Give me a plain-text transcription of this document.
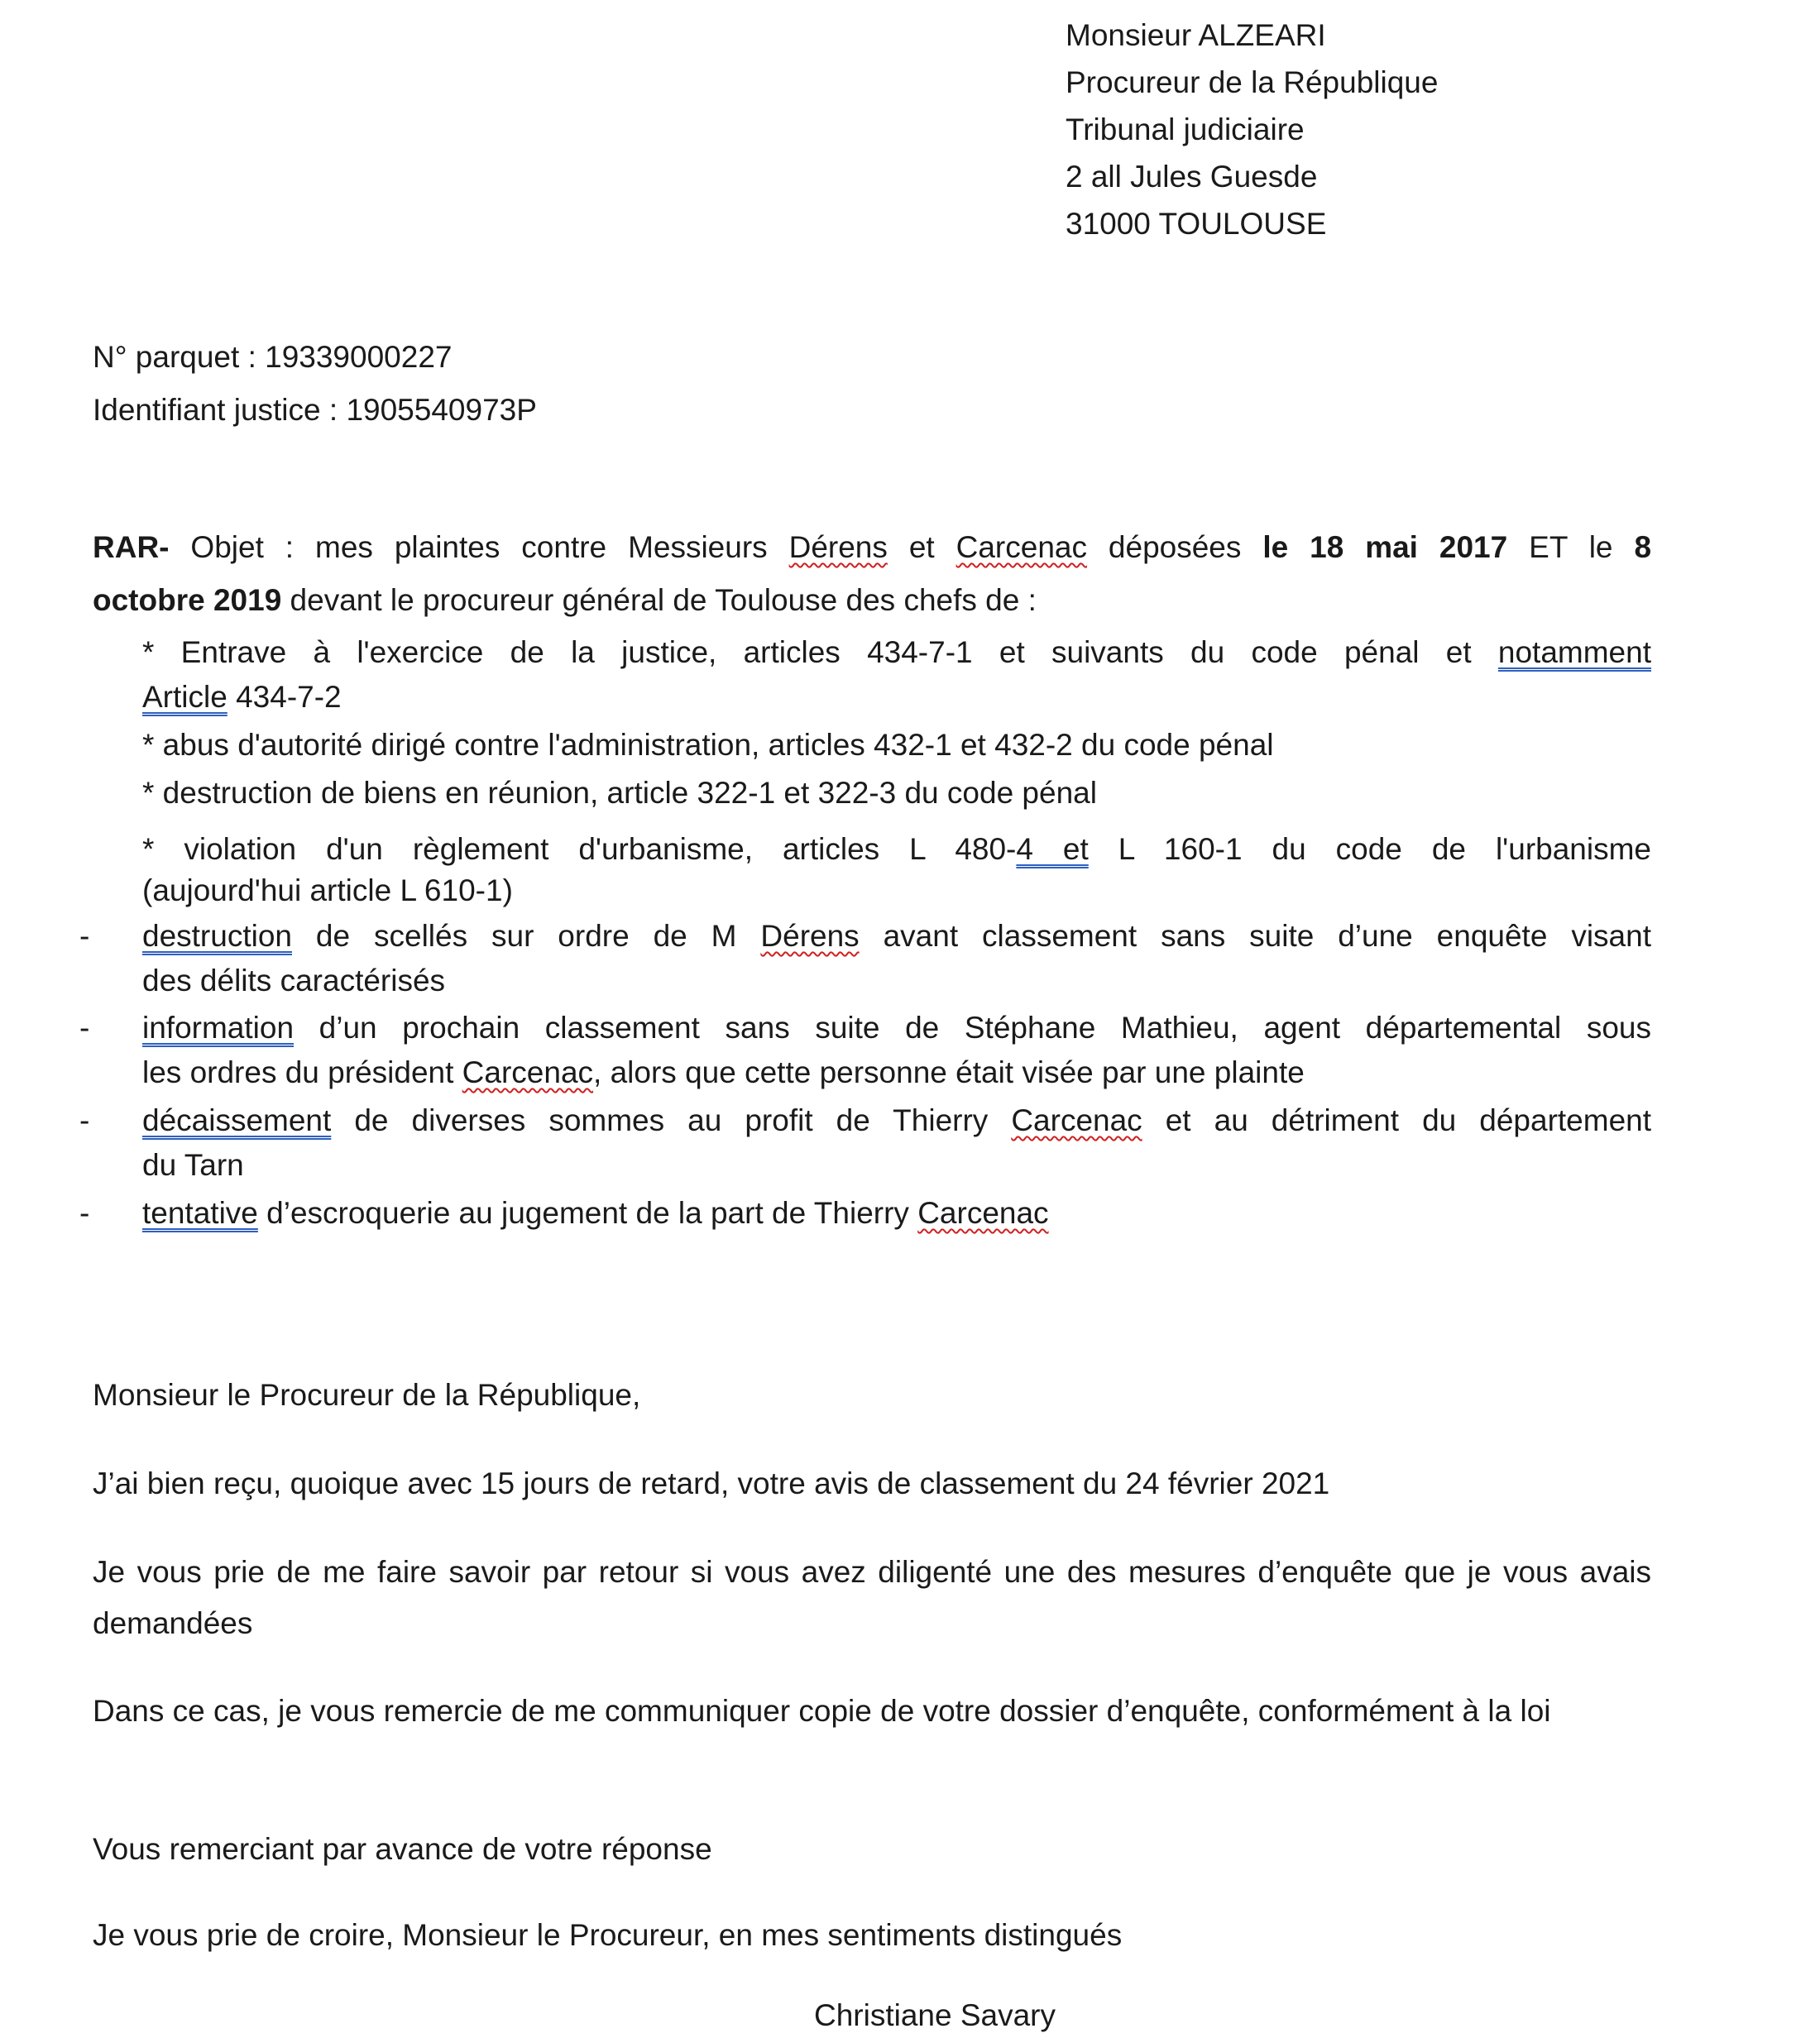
Monsieur ALZEARI
Procureur de la République
Tribunal judiciaire
2 all Jules Guesde
31000 TOULOUSE
N° parquet : 19339000227
Identifiant justice : 1905540973P
RAR- Objet : mes plaintes contre Messieurs Dérens et Carcenac déposées le 18 mai 2017 ET le 8
octobre 2019 devant le procureur général de Toulouse des chefs de :
* Entrave à l'exercice de la justice, articles 434-7-1 et suivants du code pénal et notamment
Article 434-7-2
* abus d'autorité dirigé contre l'administration, articles 432-1 et 432-2 du code pénal
* destruction de biens en réunion, article 322-1 et 322-3 du code pénal
* violation d'un règlement d'urbanisme, articles L 480-4 et L 160-1 du code de l'urbanisme
(aujourd'hui article L 610-1)
- destruction de scellés sur ordre de M Dérens avant classement sans suite d’une enquête visant
des délits caractérisés
- information d’un prochain classement sans suite de Stéphane Mathieu, agent départemental sous
les ordres du président Carcenac, alors que cette personne était visée par une plainte
- décaissement de diverses sommes au profit de Thierry Carcenac et au détriment du département
du Tarn
- tentative d’escroquerie au jugement de la part de Thierry Carcenac
Monsieur le Procureur de la République,
J’ai bien reçu, quoique avec 15 jours de retard, votre avis de classement du 24 février 2021
Je vous prie de me faire savoir par retour si vous avez diligenté une des mesures d’enquête que je vous avais demandées
Dans ce cas, je vous remercie de me communiquer copie de votre dossier d’enquête, conformément à la loi
Vous remerciant par avance de votre réponse
Je vous prie de croire, Monsieur le Procureur, en mes sentiments distingués
Christiane Savary
